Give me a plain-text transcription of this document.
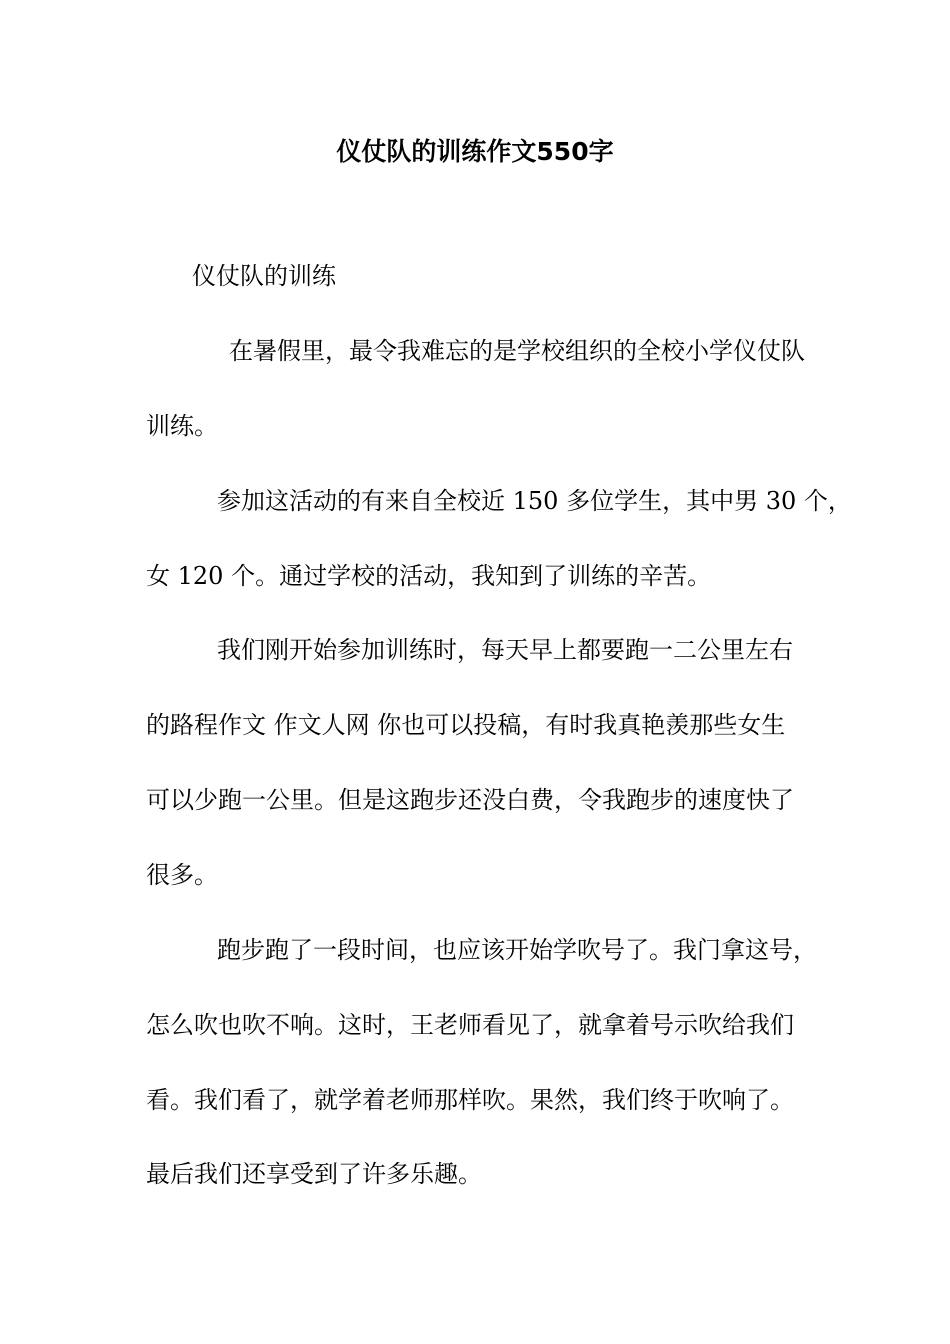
仪仗队的训练作文550字
仪仗队的训练
在暑假里，最令我难忘的是学校组织的全校小学仪仗队
训练。
参加这活动的有来自全校近 150 多位学生，其中男 30 个，
女 120 个。通过学校的活动，我知到了训练的辛苦。
我们刚开始参加训练时，每天早上都要跑一二公里左右
的路程作文 作文人网 你也可以投稿，有时我真艳羡那些女生
可以少跑一公里。但是这跑步还没白费，令我跑步的速度快了
很多。
跑步跑了一段时间，也应该开始学吹号了。我门拿这号，
怎么吹也吹不响。这时，王老师看见了，就拿着号示吹给我们
看。我们看了，就学着老师那样吹。果然，我们终于吹响了。
最后我们还享受到了许多乐趣。
